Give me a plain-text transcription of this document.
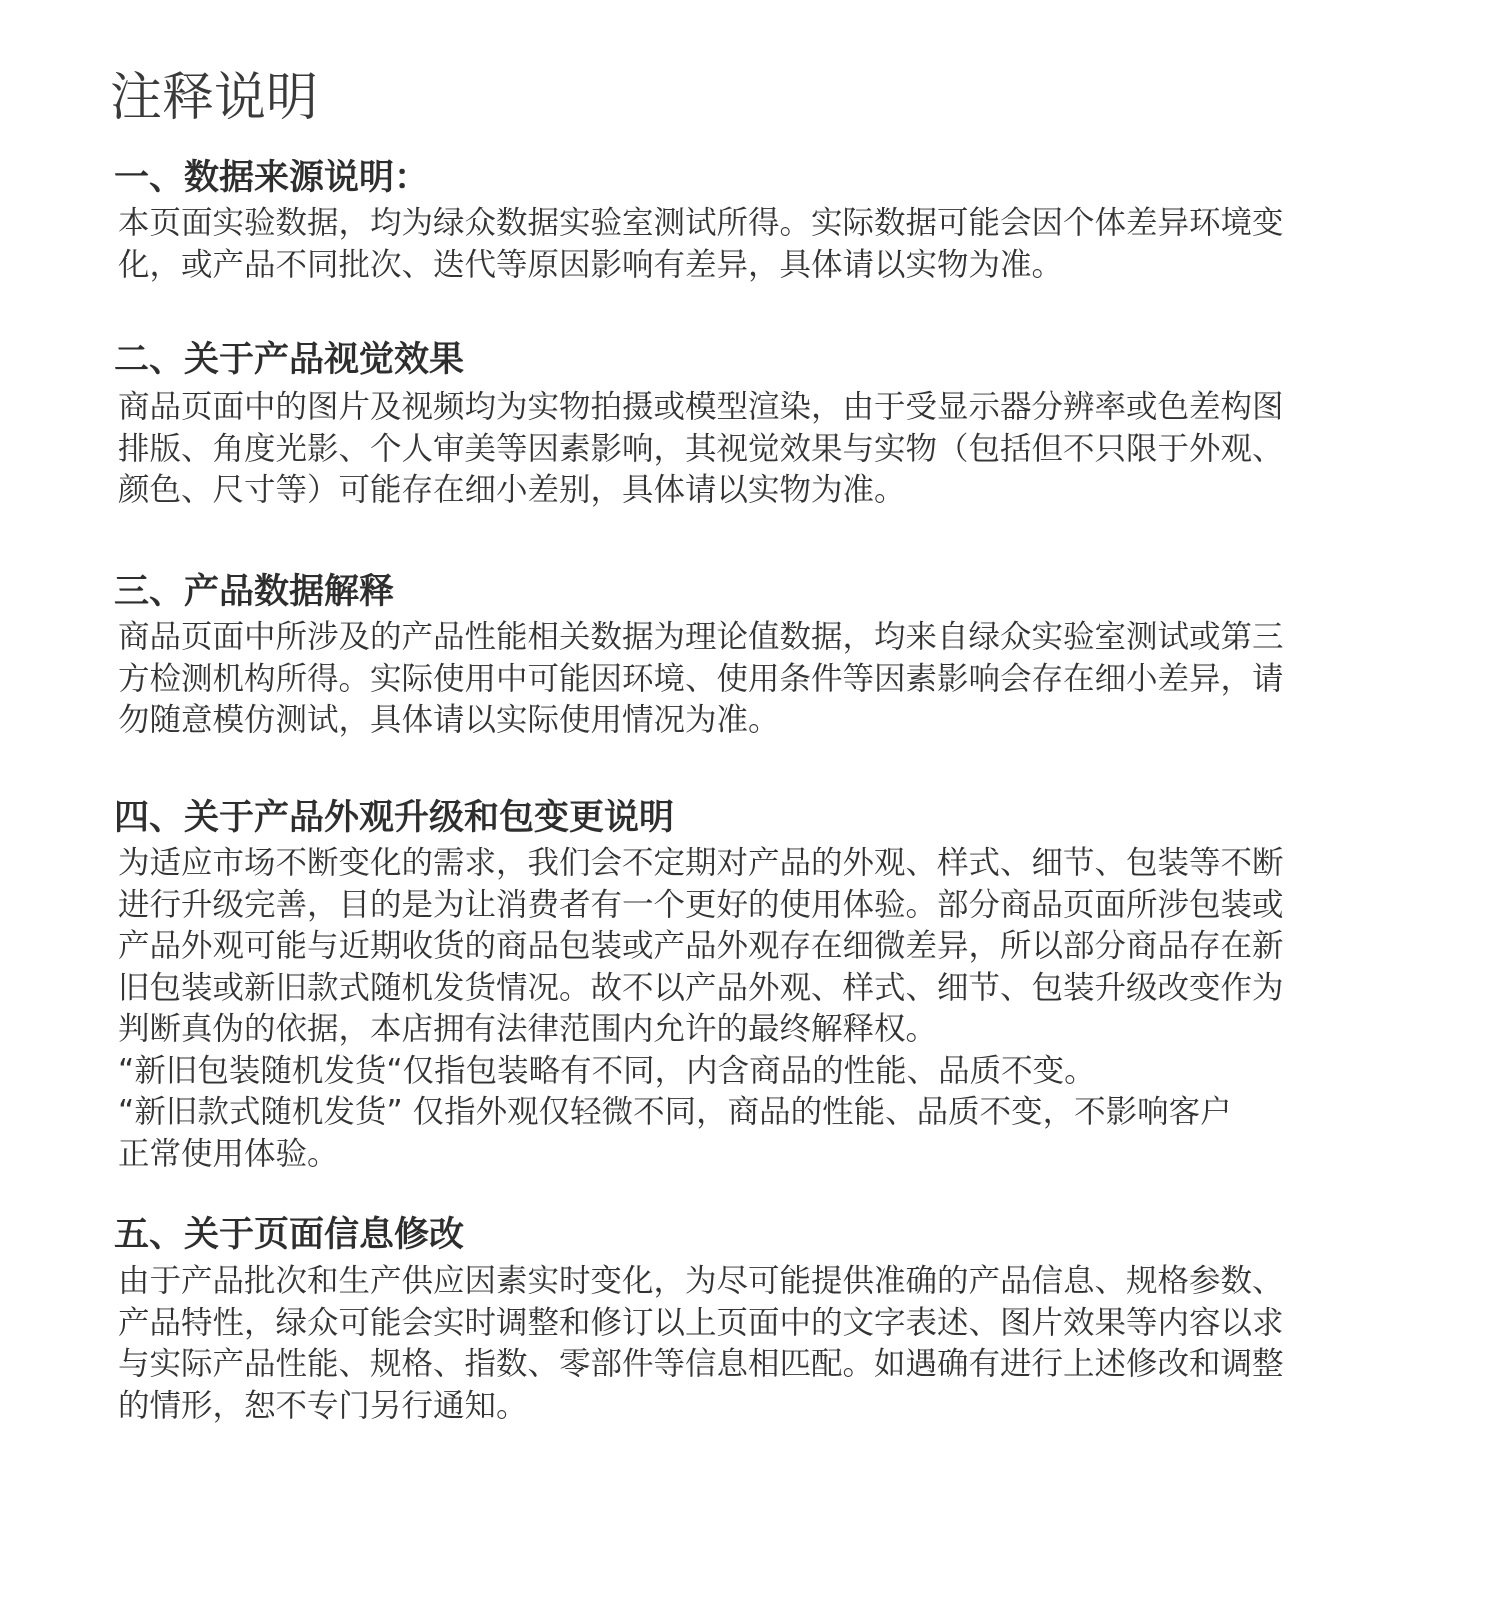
注释说明
一、数据来源说明：
本页面实验数据，均为绿众数据实验室测试所得。实际数据可能会因个体差异环境变
化，或产品不同批次、迭代等原因影响有差异，具体请以实物为准。
二、关于产品视觉效果
商品页面中的图片及视频均为实物拍摄或模型渲染，由于受显示器分辨率或色差构图
排版、角度光影、个人审美等因素影响，其视觉效果与实物（包括但不只限于外观、
颜色、尺寸等）可能存在细小差别，具体请以实物为准。
三、产品数据解释
商品页面中所涉及的产品性能相关数据为理论值数据，均来自绿众实验室测试或第三
方检测机构所得。实际使用中可能因环境、使用条件等因素影响会存在细小差异，请
勿随意模仿测试，具体请以实际使用情况为准。
四、关于产品外观升级和包变更说明
为适应市场不断变化的需求，我们会不定期对产品的外观、样式、细节、包装等不断
进行升级完善，目的是为让消费者有一个更好的使用体验。部分商品页面所涉包装或
产品外观可能与近期收货的商品包装或产品外观存在细微差异，所以部分商品存在新
旧包装或新旧款式随机发货情况。故不以产品外观、样式、细节、包装升级改变作为
判断真伪的依据，本店拥有法律范围内允许的最终解释权。
“新旧包装随机发货“仅指包装略有不同，内含商品的性能、品质不变。
“新旧款式随机发货” 仅指外观仅轻微不同，商品的性能、品质不变，不影响客户
正常使用体验。
五、关于页面信息修改
由于产品批次和生产供应因素实时变化，为尽可能提供准确的产品信息、规格参数、
产品特性，绿众可能会实时调整和修订以上页面中的文字表述、图片效果等内容以求
与实际产品性能、规格、指数、零部件等信息相匹配。如遇确有进行上述修改和调整
的情形，恕不专门另行通知。
